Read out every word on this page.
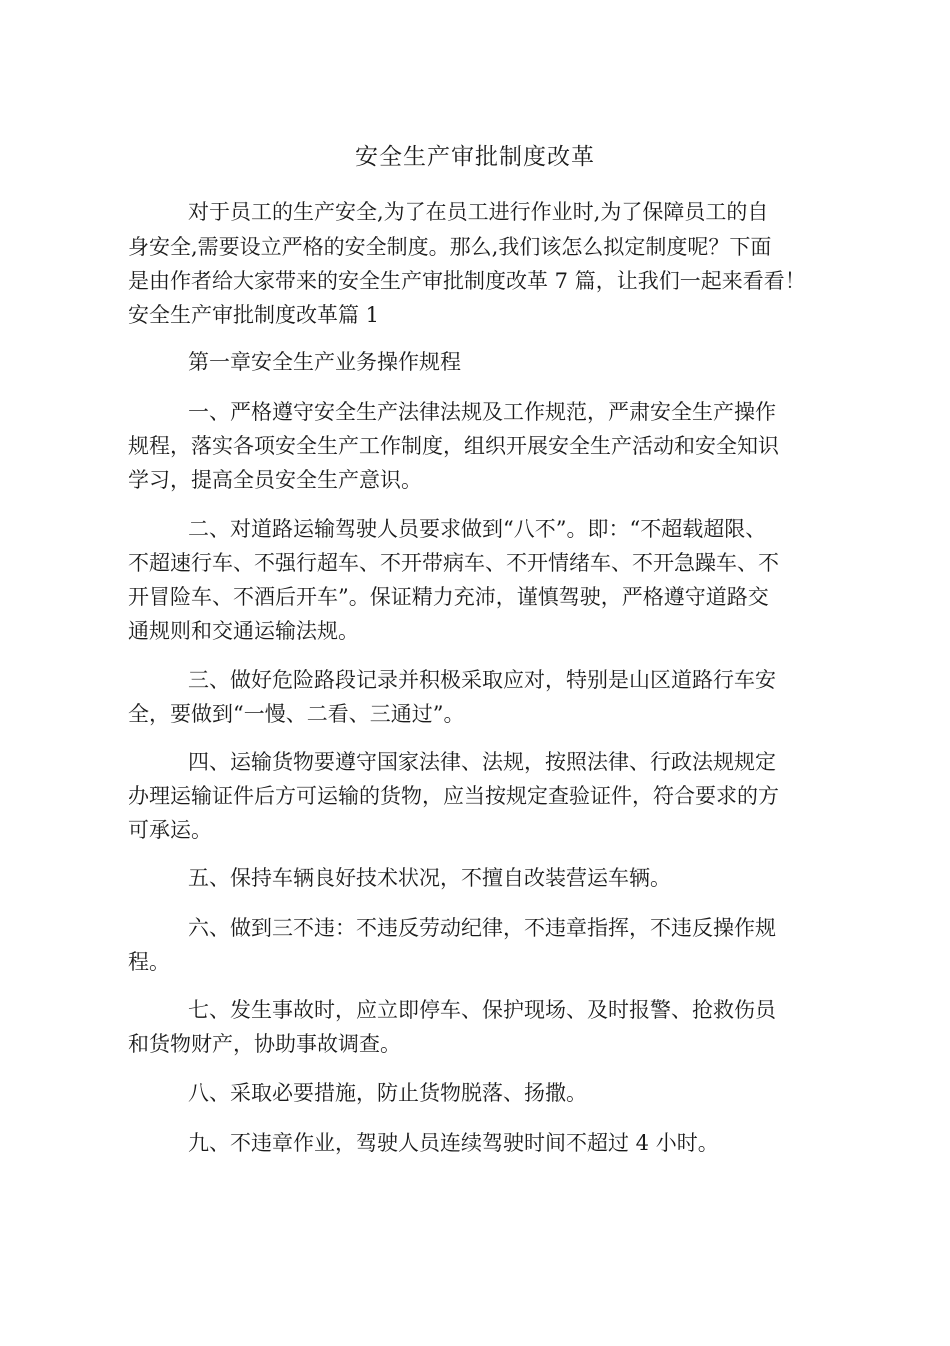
安全生产审批制度改革
对于员工的生产安全,为了在员工进行作业时,为了保障员工的自
身安全,需要设立严格的安全制度。那么,我们该怎么拟定制度呢？下面
是由作者给大家带来的安全生产审批制度改革 7 篇，让我们一起来看看！
安全生产审批制度改革篇 1
第一章安全生产业务操作规程
一、严格遵守安全生产法律法规及工作规范，严肃安全生产操作
规程，落实各项安全生产工作制度，组织开展安全生产活动和安全知识
学习，提高全员安全生产意识。
二、对道路运输驾驶人员要求做到“八不”。即：“不超载超限、
不超速行车、不强行超车、不开带病车、不开情绪车、不开急躁车、不
开冒险车、不酒后开车”。保证精力充沛，谨慎驾驶，严格遵守道路交
通规则和交通运输法规。
三、做好危险路段记录并积极采取应对，特别是山区道路行车安
全，要做到“一慢、二看、三通过”。
四、运输货物要遵守国家法律、法规，按照法律、行政法规规定
办理运输证件后方可运输的货物，应当按规定查验证件，符合要求的方
可承运。
五、保持车辆良好技术状况，不擅自改装营运车辆。
六、做到三不违：不违反劳动纪律，不违章指挥，不违反操作规
程。
七、发生事故时，应立即停车、保护现场、及时报警、抢救伤员
和货物财产，协助事故调查。
八、采取必要措施，防止货物脱落、扬撒。
九、不违章作业，驾驶人员连续驾驶时间不超过 4 小时。
